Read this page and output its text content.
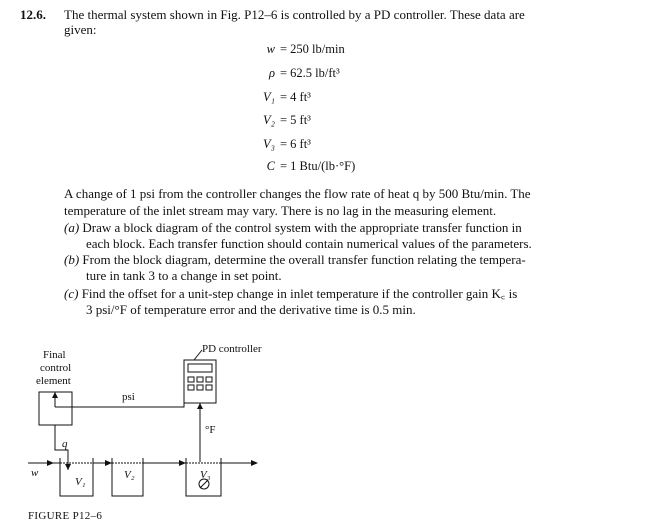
12.6. The thermal system shown in Fig. P12–6 is controlled by a PD controller. These data are
given:
w = 250 lb/min
ρ = 62.5 lb/ft³
V₁ = 4 ft³
V₂ = 5 ft³
V₃ = 6 ft³
C = 1 Btu/(lb·°F)
A change of 1 psi from the controller changes the flow rate of heat q by 500 Btu/min. The
temperature of the inlet stream may vary. There is no lag in the measuring element.
(a) Draw a block diagram of the control system with the appropriate transfer function in
each block. Each transfer function should contain numerical values of the parameters.
(b) From the block diagram, determine the overall transfer function relating the tempera-
ture in tank 3 to a change in set point.
(c) Find the offset for a unit-step change in inlet temperature if the controller gain K꜀ is
3 psi/°F of temperature error and the derivative time is 0.5 min.
Final
control
element
PD controller
psi
°F
q
w
V₁
V₂	V₃
FIGURE P12–6
